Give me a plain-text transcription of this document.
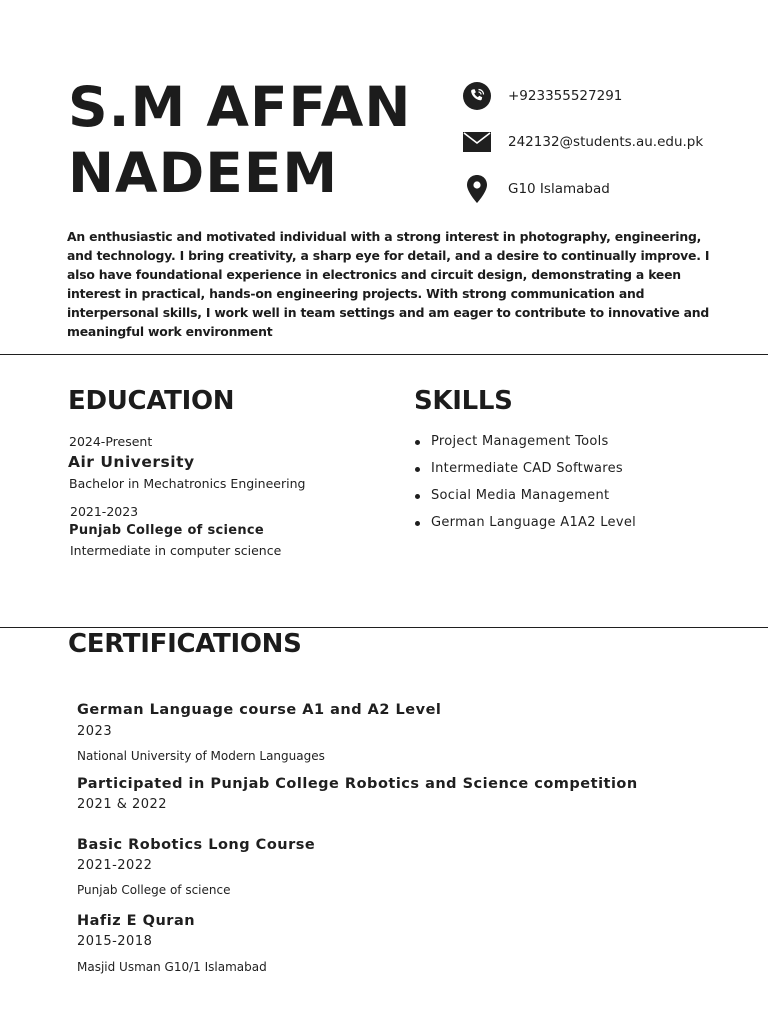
S.M AFFAN
NADEEM
+923355527291
242132@students.au.edu.pk
G10 Islamabad

An enthusiastic and motivated individual with a strong interest in photography, engineering, and technology. I bring creativity, a sharp eye for detail, and a desire to continually improve. I also have foundational experience in electronics and circuit design, demonstrating a keen interest in practical, hands-on engineering projects. With strong communication and interpersonal skills, I work well in team settings and am eager to contribute to innovative and meaningful work environment

EDUCATION
2024-Present
Air University
Bachelor in Mechatronics Engineering
2021-2023
Punjab College of science
Intermediate in computer science
SKILLS
Project Management Tools
Intermediate CAD Softwares
Social Media Management
German Language A1A2 Level
CERTIFICATIONS
German Language course A1 and A2 Level
2023
National University of Modern Languages
Participated in Punjab College Robotics and Science competition
2021 & 2022
Basic Robotics Long Course
2021-2022
Punjab College of science
Hafiz E Quran
2015-2018
Masjid Usman G10/1 Islamabad
